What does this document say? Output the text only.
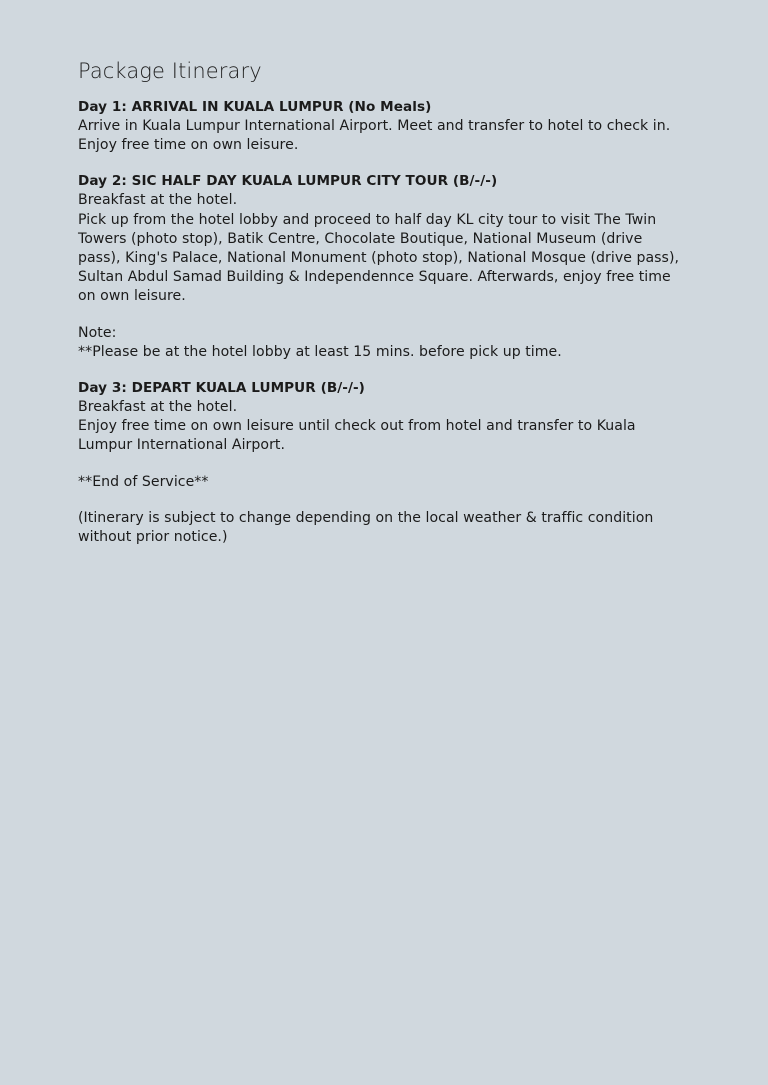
Package Itinerary

Day 1: ARRIVAL IN KUALA LUMPUR (No Meals)

Arrive in Kuala Lumpur International Airport. Meet and transfer to hotel to check in.

Enjoy free time on own leisure.

Day 2: SIC HALF DAY KUALA LUMPUR CITY TOUR (B/-/-)

Breakfast at the hotel.

Pick up from the hotel lobby and proceed to half day KL city tour to visit The Twin

Towers (photo stop), Batik Centre, Chocolate Boutique, National Museum (drive

pass), King's Palace, National Monument (photo stop), National Mosque (drive pass),

Sultan Abdul Samad Building & Independennce Square. Afterwards, enjoy free time

on own leisure.

Note:

**Please be at the hotel lobby at least 15 mins. before pick up time.

Day 3: DEPART KUALA LUMPUR (B/-/-)

Breakfast at the hotel.

Enjoy free time on own leisure until check out from hotel and transfer to Kuala

Lumpur International Airport.

**End of Service**

(Itinerary is subject to change depending on the local weather & traffic condition

without prior notice.)
